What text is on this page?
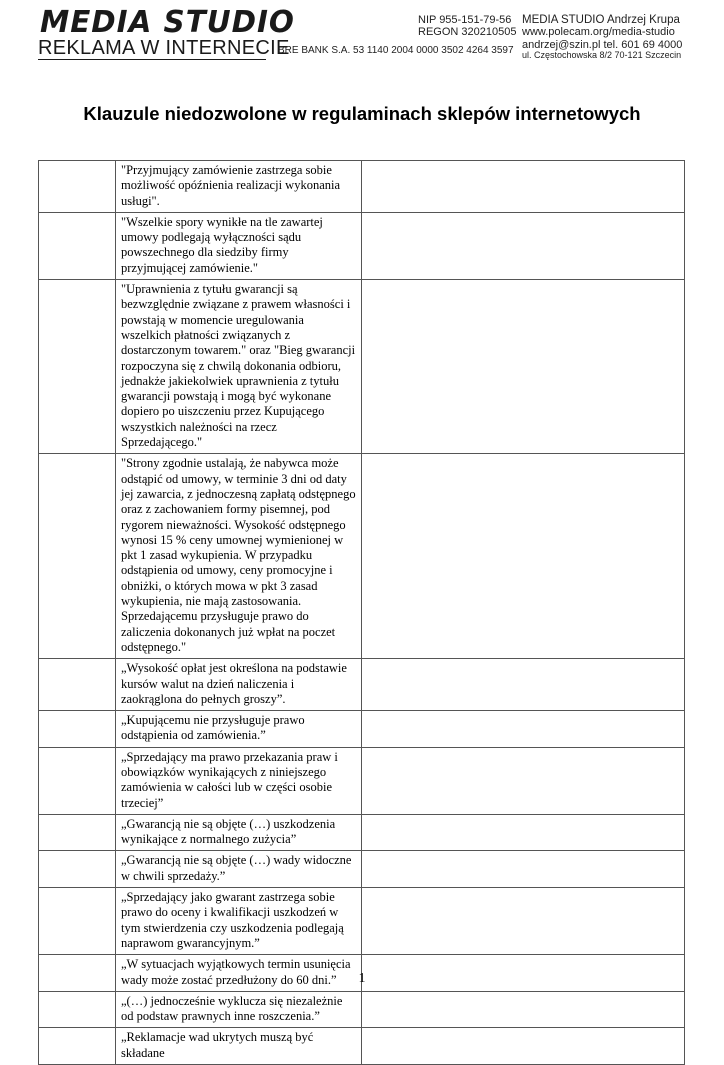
MEDIA STUDIO
REKLAMA W INTERNECIE
NIP 955-151-79-56
REGON 320210505
BRE BANK S.A. 53 1140 2004 0000 3502 4264 3597
MEDIA STUDIO Andrzej Krupa
www.polecam.org/media-studio
andrzej@szin.pl tel. 601 69 4000
ul. Częstochowska 8/2 70-121 Szczecin
Klauzule niedozwolone w regulaminach sklepów internetowych
	"Przyjmujący zamówienie zastrzega sobie możliwość opóźnienia realizacji wykonania usługi".	
	"Wszelkie spory wynikłe na tle zawartej umowy podlegają wyłączności sądu powszechnego dla siedziby firmy przyjmującej zamówienie."	
	"Uprawnienia z tytułu gwarancji są bezwzględnie związane z prawem własności i powstają w momencie uregulowania wszelkich płatności związanych z dostarczonym towarem." oraz "Bieg gwarancji rozpoczyna się z chwilą dokonania odbioru, jednakże jakiekolwiek uprawnienia z tytułu gwarancji powstają i mogą być wykonane dopiero po uiszczeniu przez Kupującego wszystkich należności na rzecz Sprzedającego."	
	"Strony zgodnie ustalają, że nabywca może odstąpić od umowy, w terminie 3 dni od daty jej zawarcia, z jednoczesną zapłatą odstępnego oraz z zachowaniem formy pisemnej, pod rygorem nieważności. Wysokość odstępnego wynosi 15 % ceny umownej wymienionej w pkt 1 zasad wykupienia. W przypadku odstąpienia od umowy, ceny promocyjne i obniżki, o których mowa w pkt 3 zasad wykupienia, nie mają zastosowania. Sprzedającemu przysługuje prawo do zaliczenia dokonanych już wpłat na poczet odstępnego."	
	„Wysokość opłat jest określona na podstawie kursów walut na dzień naliczenia i zaokrąglona do pełnych groszy”.	
	„Kupującemu nie przysługuje prawo odstąpienia od zamówienia.”	
	„Sprzedający ma prawo przekazania praw i obowiązków wynikających z niniejszego zamówienia w całości lub w części osobie trzeciej”	
	„Gwarancją nie są objęte (…) uszkodzenia wynikające z normalnego zużycia”	
	„Gwarancją nie są objęte (…) wady widoczne w chwili sprzedaży.”	
	„Sprzedający jako gwarant zastrzega sobie prawo do oceny i kwalifikacji uszkodzeń w tym stwierdzenia czy uszkodzenia podlegają naprawom gwarancyjnym.”	
	„W sytuacjach wyjątkowych termin usunięcia wady może zostać przedłużony do 60 dni.”	
	„(…) jednocześnie wyklucza się niezależnie od podstaw prawnych inne roszczenia.”	
	„Reklamacje wad ukrytych muszą być składane	
1
